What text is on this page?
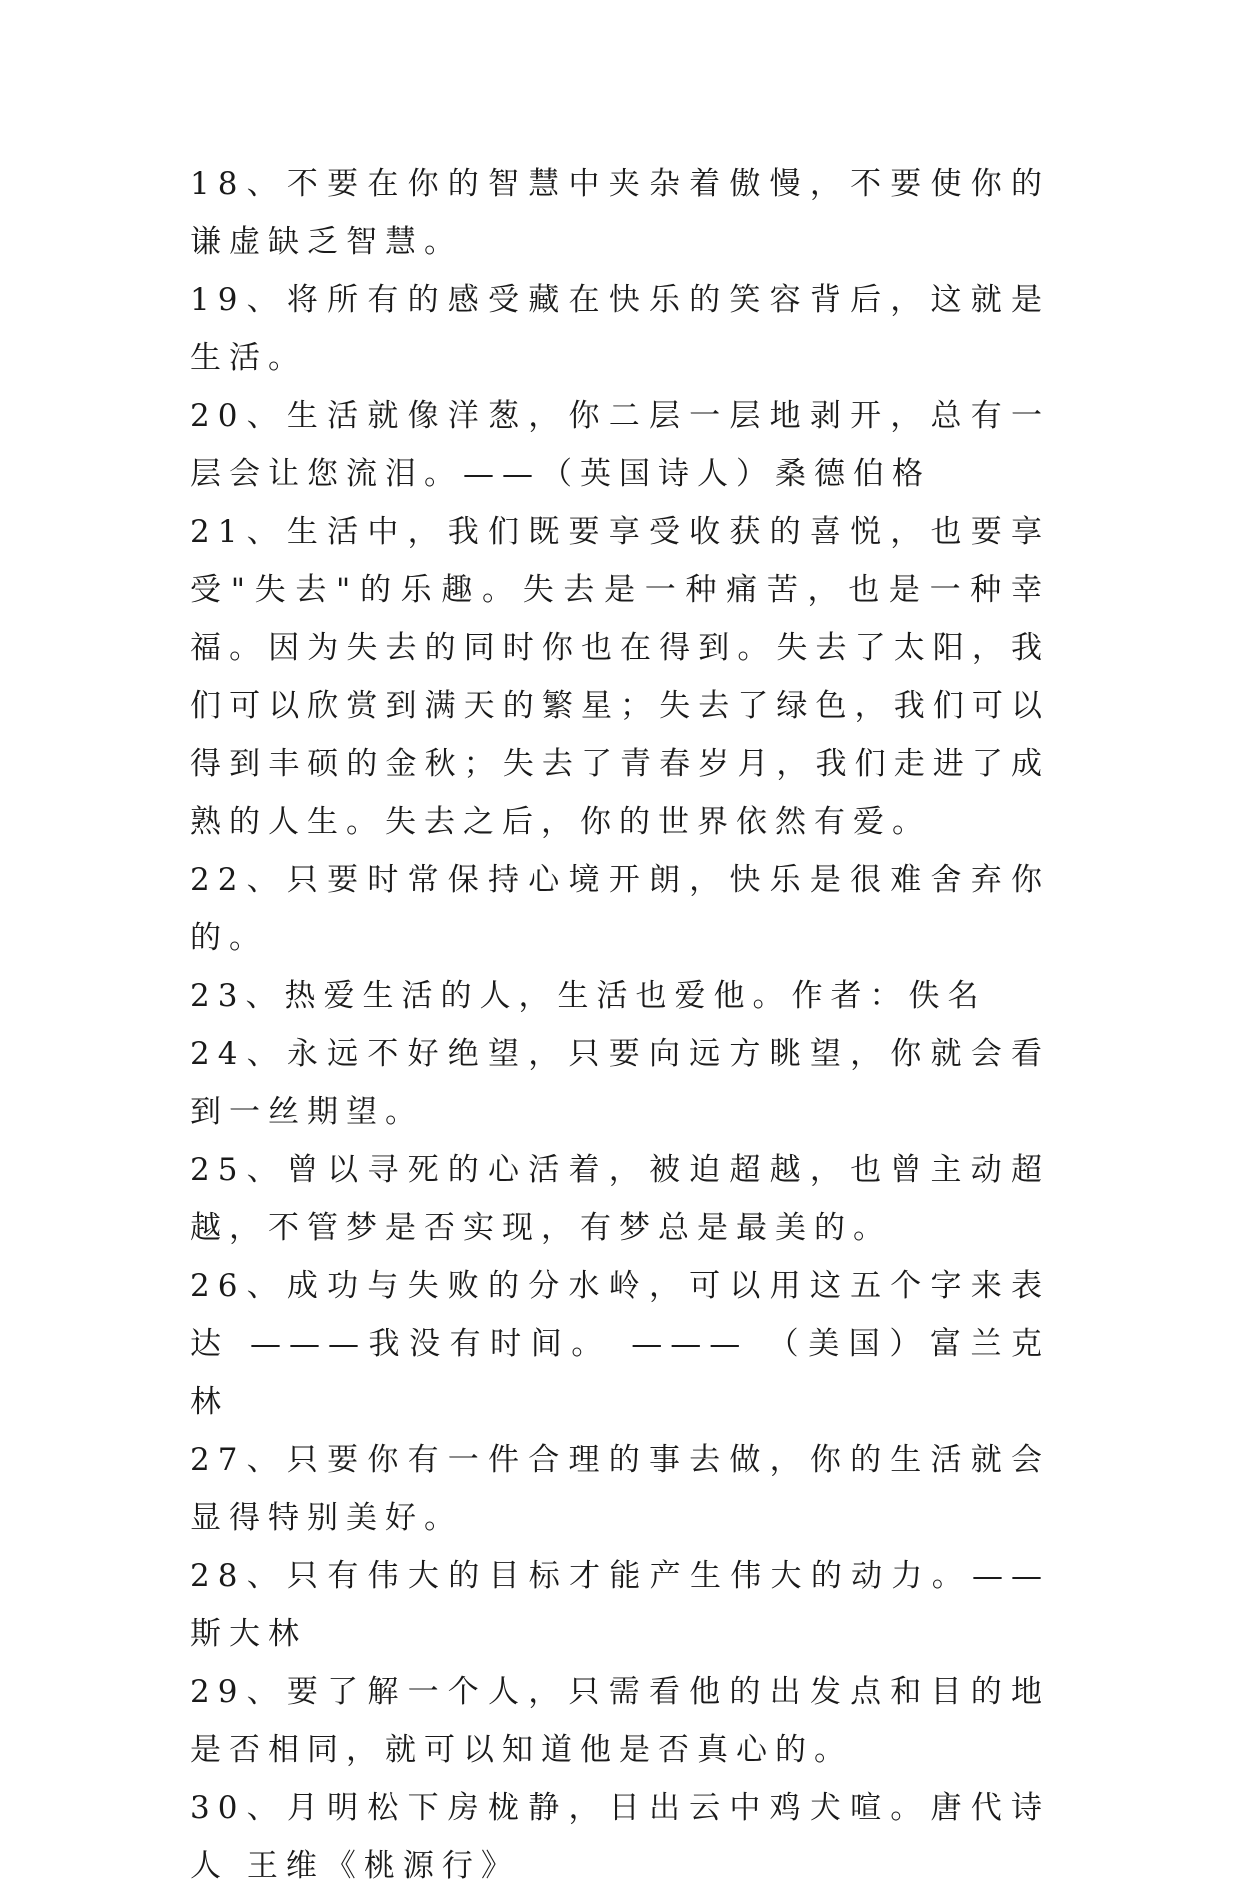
18、不要在你的智慧中夹杂着傲慢，不要使你的谦虚缺乏智慧。

19、将所有的感受藏在快乐的笑容背后，这就是生活。

20、生活就像洋葱，你二层一层地剥开，总有一层会让您流泪。——（英国诗人）桑德伯格

21、生活中，我们既要享受收获的喜悦，也要享受"失去"的乐趣。失去是一种痛苦，也是一种幸福。因为失去的同时你也在得到。失去了太阳，我们可以欣赏到满天的繁星；失去了绿色，我们可以得到丰硕的金秋；失去了青春岁月，我们走进了成熟的人生。失去之后，你的世界依然有爱。

22、只要时常保持心境开朗，快乐是很难舍弃你的。

23、热爱生活的人，生活也爱他。作者：佚名

24、永远不好绝望，只要向远方眺望，你就会看到一丝期望。

25、曾以寻死的心活着，被迫超越，也曾主动超越，不管梦是否实现，有梦总是最美的。

26、成功与失败的分水岭，可以用这五个字来表达 ———我没有时间。 ——— （美国）富兰克林

27、只要你有一件合理的事去做，你的生活就会显得特别美好。

28、只有伟大的目标才能产生伟大的动力。——斯大林

29、要了解一个人，只需看他的出发点和目的地是否相同，就可以知道他是否真心的。

30、月明松下房栊静，日出云中鸡犬喧。唐代诗人 王维《桃源行》
